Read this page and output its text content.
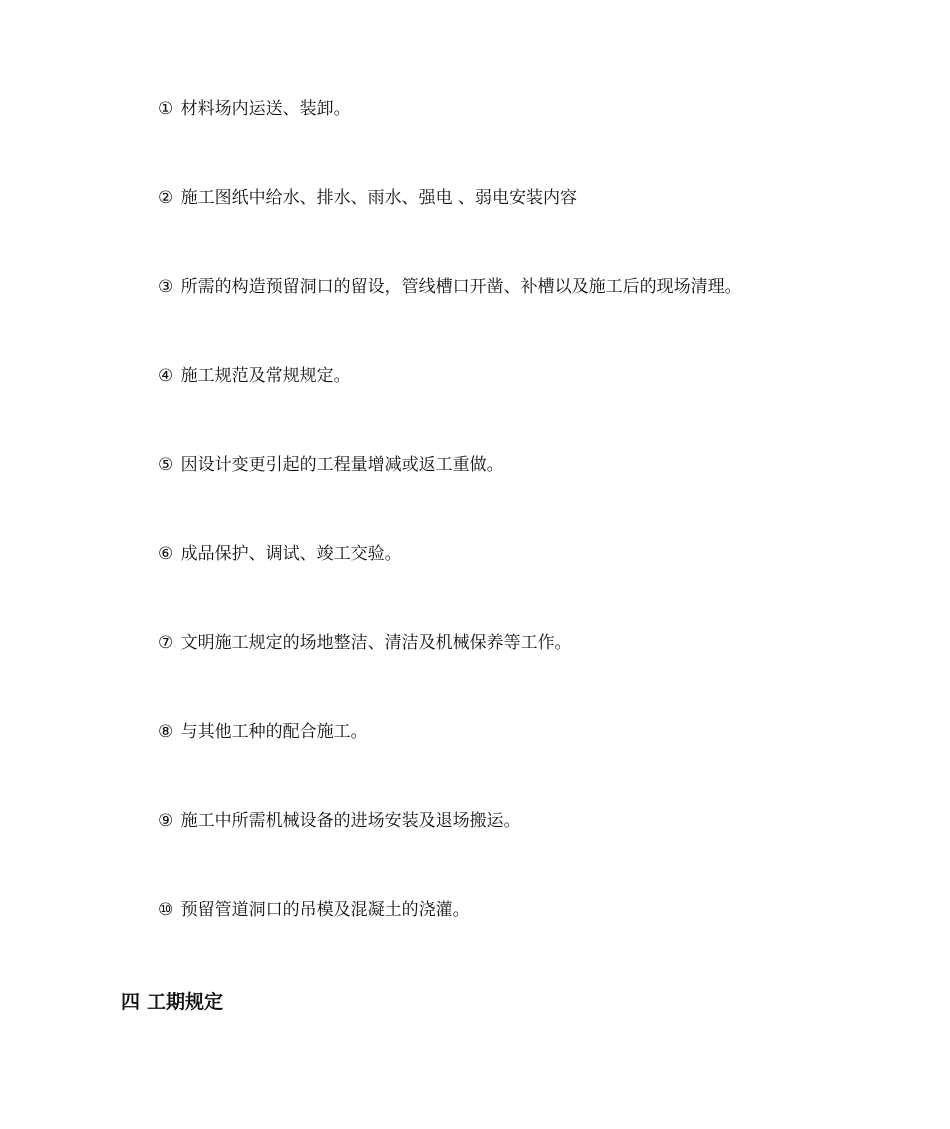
① 材料场内运送、装卸。
② 施工图纸中给水、排水、雨水、强电 、弱电安装内容
③ 所需的构造预留洞口的留设，管线槽口开凿、补槽以及施工后的现场清理。
④ 施工规范及常规规定。
⑤ 因设计变更引起的工程量增减或返工重做。
⑥ 成品保护、调试、竣工交验。
⑦ 文明施工规定的场地整洁、清洁及机械保养等工作。
⑧ 与其他工种的配合施工。
⑨ 施工中所需机械设备的进场安装及退场搬运。
⑩ 预留管道洞口的吊模及混凝土的浇灌。
四 工期规定
